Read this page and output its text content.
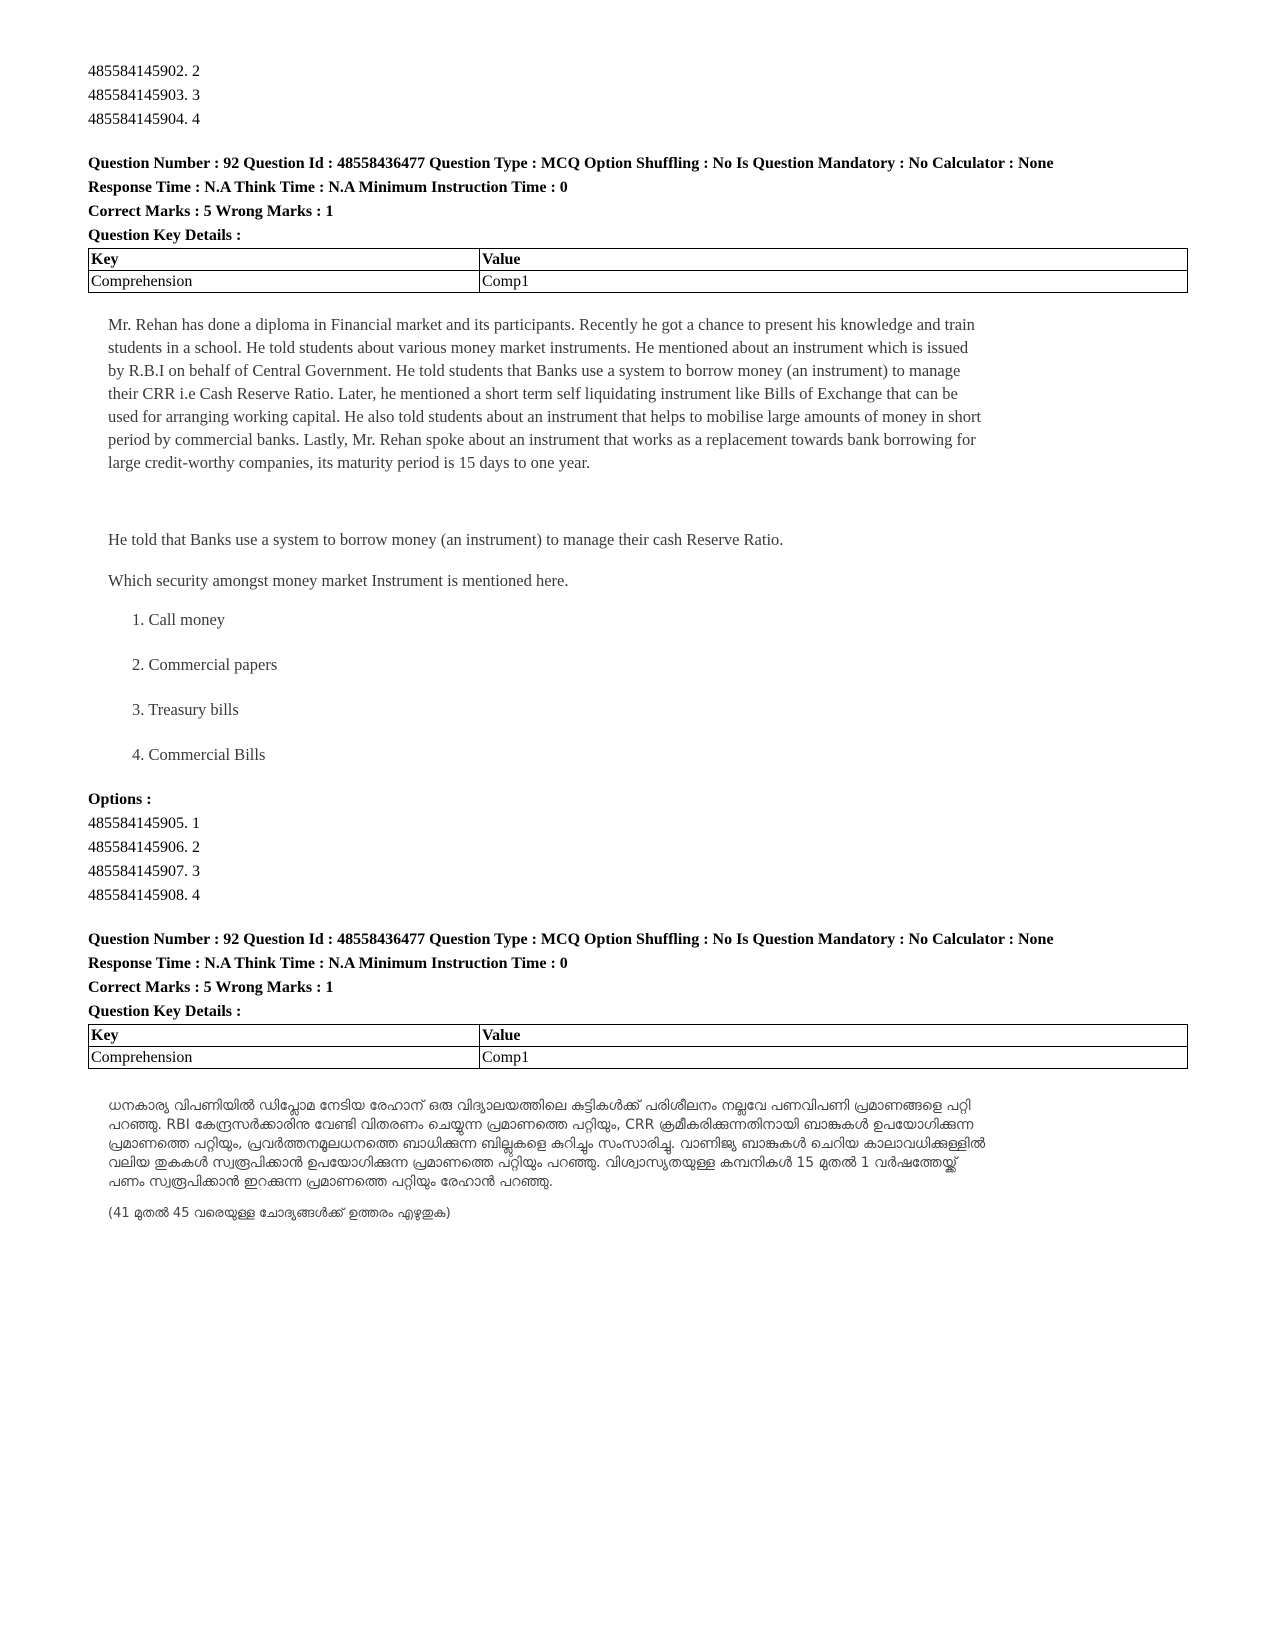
485584145902. 2
485584145903. 3
485584145904. 4
Question Number : 92 Question Id : 48558436477 Question Type : MCQ Option Shuffling : No Is Question Mandatory : No Calculator : None
Response Time : N.A Think Time : N.A Minimum Instruction Time : 0
Correct Marks : 5 Wrong Marks : 1
Question Key Details :
Key	Value
Comprehension	Comp1

Mr. Rehan has done a diploma in Financial market and its participants. Recently he got a chance to present his knowledge and train students in a school. He told students about various money market instruments. He mentioned about an instrument which is issued by R.B.I on behalf of Central Government. He told students that Banks use a system to borrow money (an instrument) to manage their CRR i.e Cash Reserve Ratio. Later, he mentioned a short term self liquidating instrument like Bills of Exchange that can be used for arranging working capital. He also told students about an instrument that helps to mobilise large amounts of money in short period by commercial banks. Lastly, Mr. Rehan spoke about an instrument that works as a replacement towards bank borrowing for large credit-worthy companies, its maturity period is 15 days to one year.

He told that Banks use a system to borrow money (an instrument) to manage their cash Reserve Ratio.

Which security amongst money market Instrument is mentioned here.

1. Call money
2. Commercial papers
3. Treasury bills
4. Commercial Bills
Options :
485584145905. 1
485584145906. 2
485584145907. 3
485584145908. 4
Question Number : 92 Question Id : 48558436477 Question Type : MCQ Option Shuffling : No Is Question Mandatory : No Calculator : None
Response Time : N.A Think Time : N.A Minimum Instruction Time : 0
Correct Marks : 5 Wrong Marks : 1
Question Key Details :
Key	Value
Comprehension	Comp1

ധനകാര്യ വിപണിയിൽ ഡിപ്ലോമ നേടിയ രേഹാന് ഒരു വിദ്യാലയത്തിലെ കുട്ടികൾക്ക് പരിശീലനം നല്ലവേ പണവിപണി പ്രമാണങ്ങളെ പറ്റി പറഞ്ഞു. RBI കേന്ദ്രസർക്കാരിനു വേണ്ടി വിതരണം ചെയ്യുന്ന പ്രമാണത്തെ പറ്റിയും, CRR ക്രമീകരിക്കുന്നതിനായി ബാങ്കുകൾ ഉപയോഗിക്കുന്ന പ്രമാണത്തെ പറ്റിയും, പ്രവർത്തനമൂലധനത്തെ ബാധിക്കുന്ന ബില്ലുകളെ കുറിച്ചും സംസാരിച്ചു. വാണിജ്യ ബാങ്കുകൾ ചെറിയ കാലാവധിക്കുള്ളിൽ വലിയ തുകകൾ സ്വരൂപിക്കാൻ ഉപയോഗിക്കുന്ന പ്രമാണത്തെ പറ്റിയും പറഞ്ഞു. വിശ്വാസ്യതയുള്ള കമ്പനികൾ 15 മുതൽ 1 വർഷത്തേയ്ക്ക് പണം സ്വരൂപിക്കാൻ ഇറക്കുന്ന പ്രമാണത്തെ പറ്റിയും രേഹാൻ പറഞ്ഞു.

(41 മുതൽ 45 വരെയുള്ള ചോദ്യങ്ങൾക്ക് ഉത്തരം എഴുതുക)
